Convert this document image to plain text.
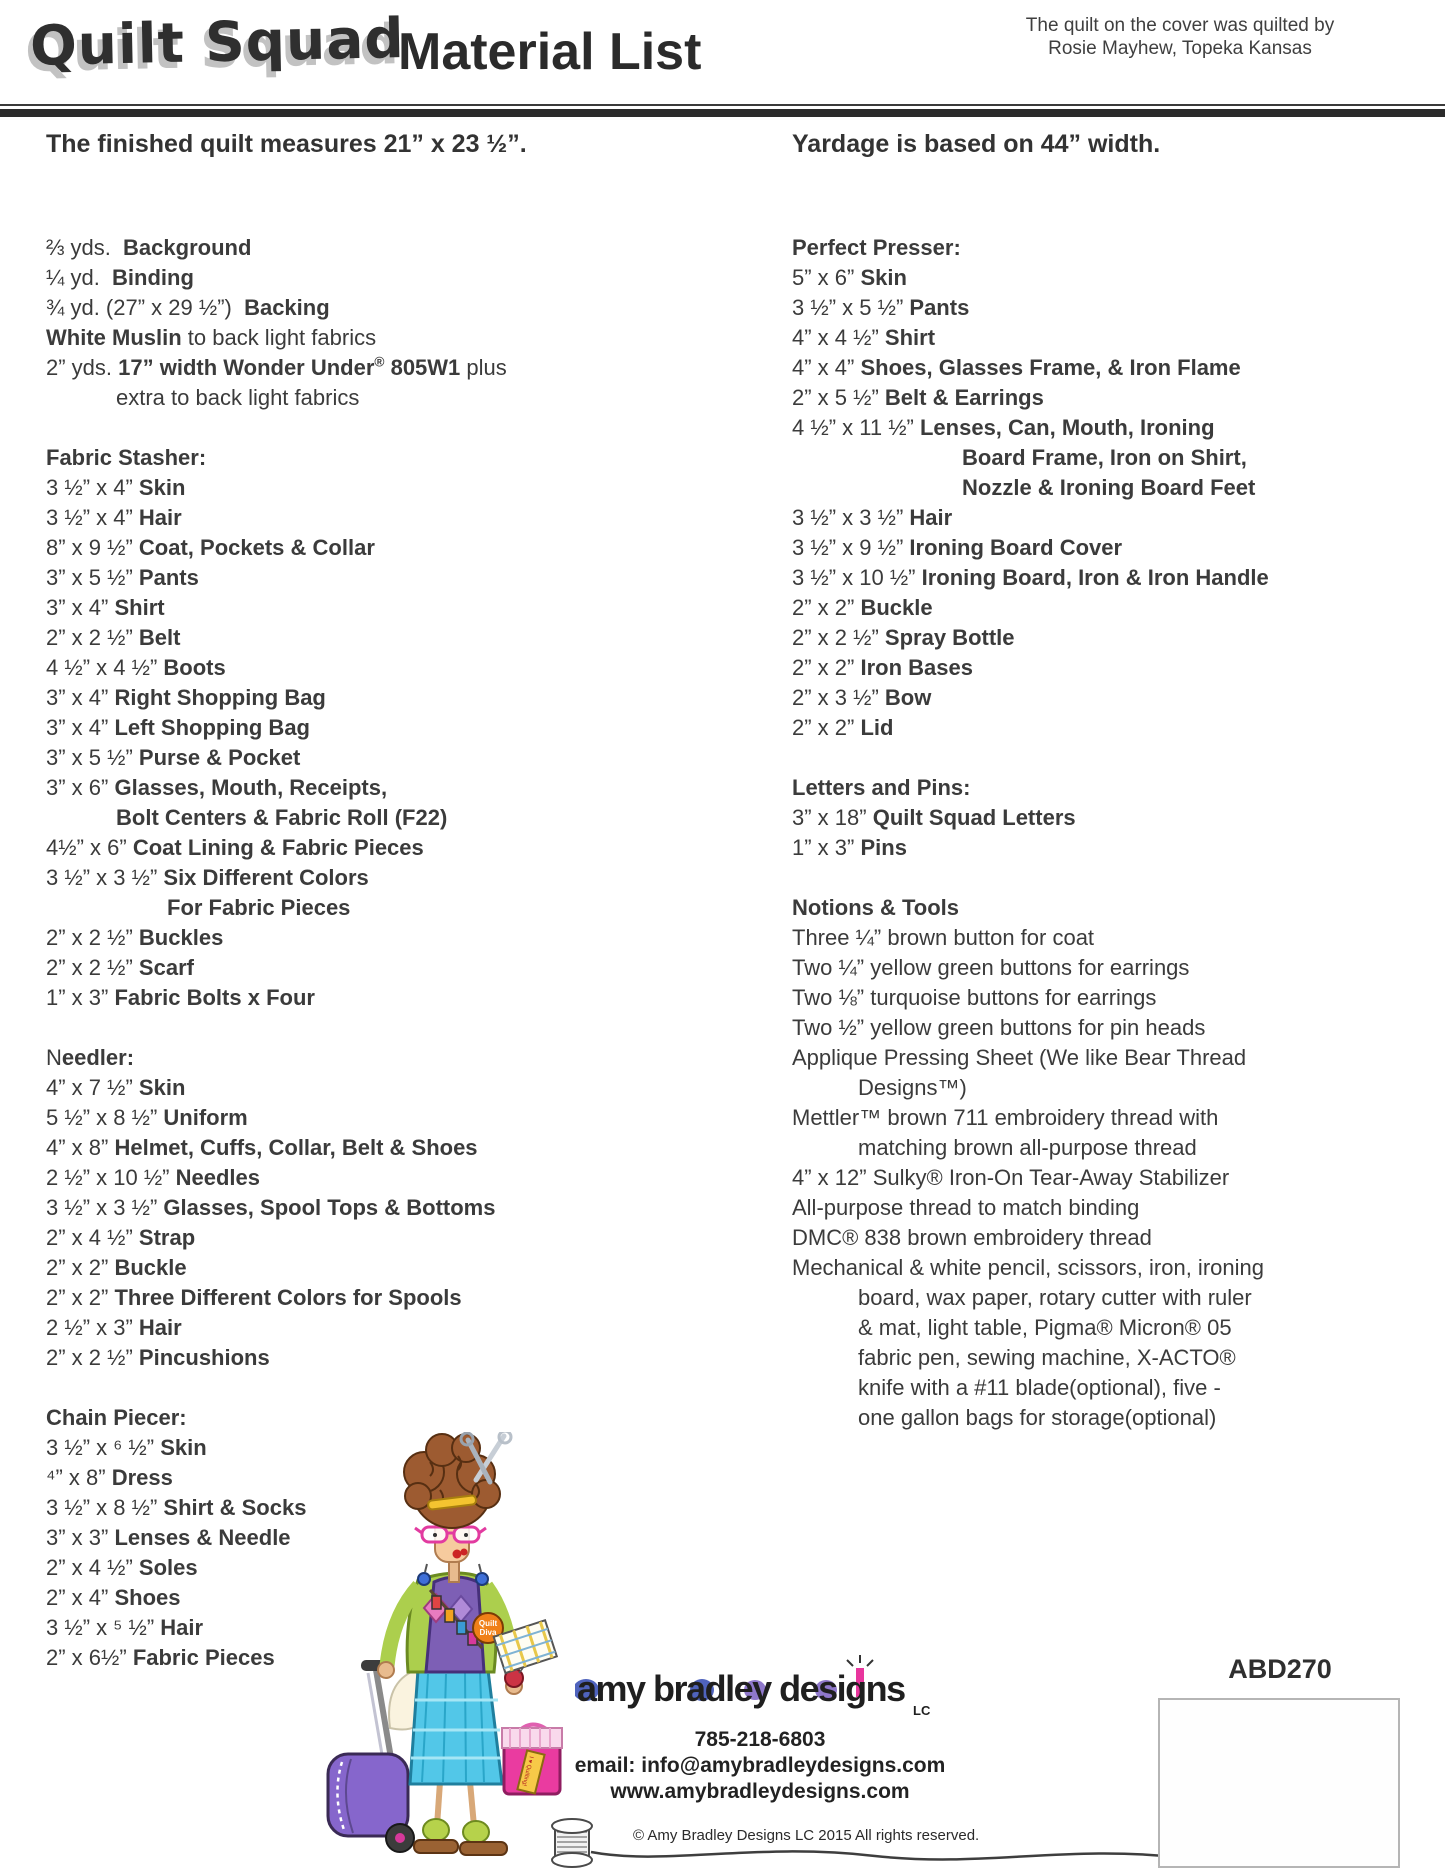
Quilt Squad
Material List	The quilt on the cover was quilted by
Rosie Mayhew, Topeka Kansas
The finished quilt measures 21” x 23 ½”.
⅔ yds.  Background
¼ yd.  Binding
¾ yd. (27” x 29 ½”)  Backing
White Muslin to back light fabrics
2” yds. 17” width Wonder Under® 805W1 plus
extra to back light fabrics
Fabric Stasher:
3 ½” x 4” Skin
3 ½” x 4” Hair
8” x 9 ½” Coat, Pockets & Collar
3” x 5 ½” Pants
3” x 4” Shirt
2” x 2 ½” Belt
4 ½” x 4 ½” Boots
3” x 4” Right Shopping Bag
3” x 4” Left Shopping Bag
3” x 5 ½” Purse & Pocket
3” x 6” Glasses, Mouth, Receipts,
Bolt Centers & Fabric Roll (F22)
4½” x 6” Coat Lining & Fabric Pieces
3 ½” x 3 ½” Six Different Colors
For Fabric Pieces
2” x 2 ½” Buckles
2” x 2 ½” Scarf
1” x 3” Fabric Bolts x Four
Needler:
4” x 7 ½” Skin
5 ½” x 8 ½” Uniform
4” x 8” Helmet, Cuffs, Collar, Belt & Shoes
2 ½” x 10 ½” Needles
3 ½” x 3 ½” Glasses, Spool Tops & Bottoms
2” x 4 ½” Strap
2” x 2” Buckle
2” x 2” Three Different Colors for Spools
2 ½” x 3” Hair
2” x 2 ½” Pincushions
Chain Piecer:
3 ½” x ⁶ ½” Skin
⁴” x 8” Dress
3 ½” x 8 ½” Shirt & Socks
3” x 3” Lenses & Needle
2” x 4 ½” Soles
2” x 4” Shoes
3 ½” x ⁵ ½” Hair
2” x 6½” Fabric Pieces
Yardage is based on 44” width.
Perfect Presser:
5” x 6” Skin
3 ½” x 5 ½” Pants
4” x 4 ½” Shirt
4” x 4” Shoes, Glasses Frame, & Iron Flame
2” x 5 ½” Belt & Earrings
4 ½” x 11 ½” Lenses, Can, Mouth, Ironing
Board Frame, Iron on Shirt,
Nozzle & Ironing Board Feet
3 ½” x 3 ½” Hair
3 ½” x 9 ½” Ironing Board Cover
3 ½” x 10 ½” Ironing Board, Iron & Iron Handle
2” x 2” Buckle
2” x 2 ½” Spray Bottle
2” x 2” Iron Bases
2” x 3 ½” Bow
2” x 2” Lid
Letters and Pins:
3” x 18” Quilt Squad Letters
1” x 3” Pins
Notions & Tools
Three ¼” brown button for coat
Two ¼” yellow green buttons for earrings
Two ⅛” turquoise buttons for earrings
Two ½” yellow green buttons for pin heads
Applique Pressing Sheet (We like Bear Thread
Designs™)
Mettler™ brown 711 embroidery thread with
matching brown all-purpose thread
4” x 12” Sulky® Iron-On Tear-Away Stabilizer
All-purpose thread to match binding
DMC® 838 brown embroidery thread
Mechanical & white pencil, scissors, iron, ironing
board, wax paper, rotary cutter with ruler
& mat, light table, Pigma® Micron® 05
fabric pen, sewing machine, X-ACTO®
knife with a #11 blade(optional), five -
one gallon bags for storage(optional)
Quilt
Diva
I ♥ Quilting!
amy bradley designs
LC
785-218-6803
email: info@amybradleydesigns.com
www.amybradleydesigns.com
© Amy Bradley Designs LC 2015 All rights reserved.
ABD270
